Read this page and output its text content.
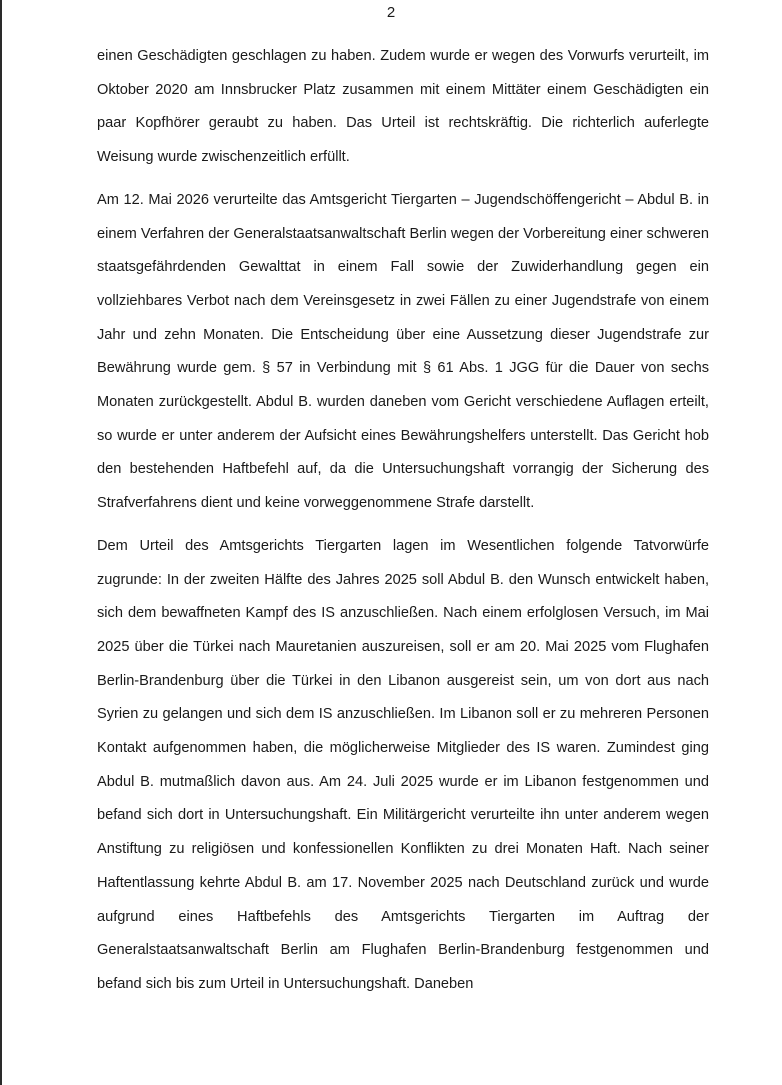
2

einen Geschädigten geschlagen zu haben. Zudem wurde er wegen des Vorwurfs verurteilt, im Oktober 2020 am Innsbrucker Platz zusammen mit einem Mittäter einem Geschädigten ein paar Kopfhörer geraubt zu haben. Das Urteil ist rechtskräftig. Die richterlich auferlegte Weisung wurde zwischenzeitlich erfüllt.

Am 12. Mai 2026 verurteilte das Amtsgericht Tiergarten – Jugendschöffengericht – Abdul B. in einem Verfahren der Generalstaatsanwaltschaft Berlin wegen der Vorbereitung einer schweren staatsgefährdenden Gewalttat in einem Fall sowie der Zuwiderhandlung gegen ein vollziehbares Verbot nach dem Vereinsgesetz in zwei Fällen zu einer Jugendstrafe von einem Jahr und zehn Monaten. Die Entscheidung über eine Aussetzung dieser Jugendstrafe zur Bewährung wurde gem. § 57 in Verbindung mit § 61 Abs. 1 JGG für die Dauer von sechs Monaten zurückgestellt. Abdul B. wurden daneben vom Gericht verschiedene Auflagen erteilt, so wurde er unter anderem der Aufsicht eines Bewährungshelfers unterstellt. Das Gericht hob den bestehenden Haftbefehl auf, da die Untersuchungshaft vorrangig der Sicherung des Strafverfahrens dient und keine vorweggenommene Strafe darstellt.

Dem Urteil des Amtsgerichts Tiergarten lagen im Wesentlichen folgende Tatvorwürfe zugrunde: In der zweiten Hälfte des Jahres 2025 soll Abdul B. den Wunsch entwickelt haben, sich dem bewaffneten Kampf des IS anzuschließen. Nach einem erfolglosen Versuch, im Mai 2025 über die Türkei nach Mauretanien auszureisen, soll er am 20. Mai 2025 vom Flughafen Berlin-Brandenburg über die Türkei in den Libanon ausgereist sein, um von dort aus nach Syrien zu gelangen und sich dem IS anzuschließen. Im Libanon soll er zu mehreren Personen Kontakt aufgenommen haben, die möglicherweise Mitglieder des IS waren. Zumindest ging Abdul B. mutmaßlich davon aus. Am 24. Juli 2025 wurde er im Libanon festgenommen und befand sich dort in Untersuchungshaft. Ein Militärgericht verurteilte ihn unter anderem wegen Anstiftung zu religiösen und konfessionellen Konflikten zu drei Monaten Haft. Nach seiner Haftentlassung kehrte Abdul B. am 17. November 2025 nach Deutschland zurück und wurde aufgrund eines Haftbefehls des Amtsgerichts Tiergarten im Auftrag der Generalstaatsanwaltschaft Berlin am Flughafen Berlin-Brandenburg festgenommen und befand sich bis zum Urteil in Untersuchungshaft. Daneben
